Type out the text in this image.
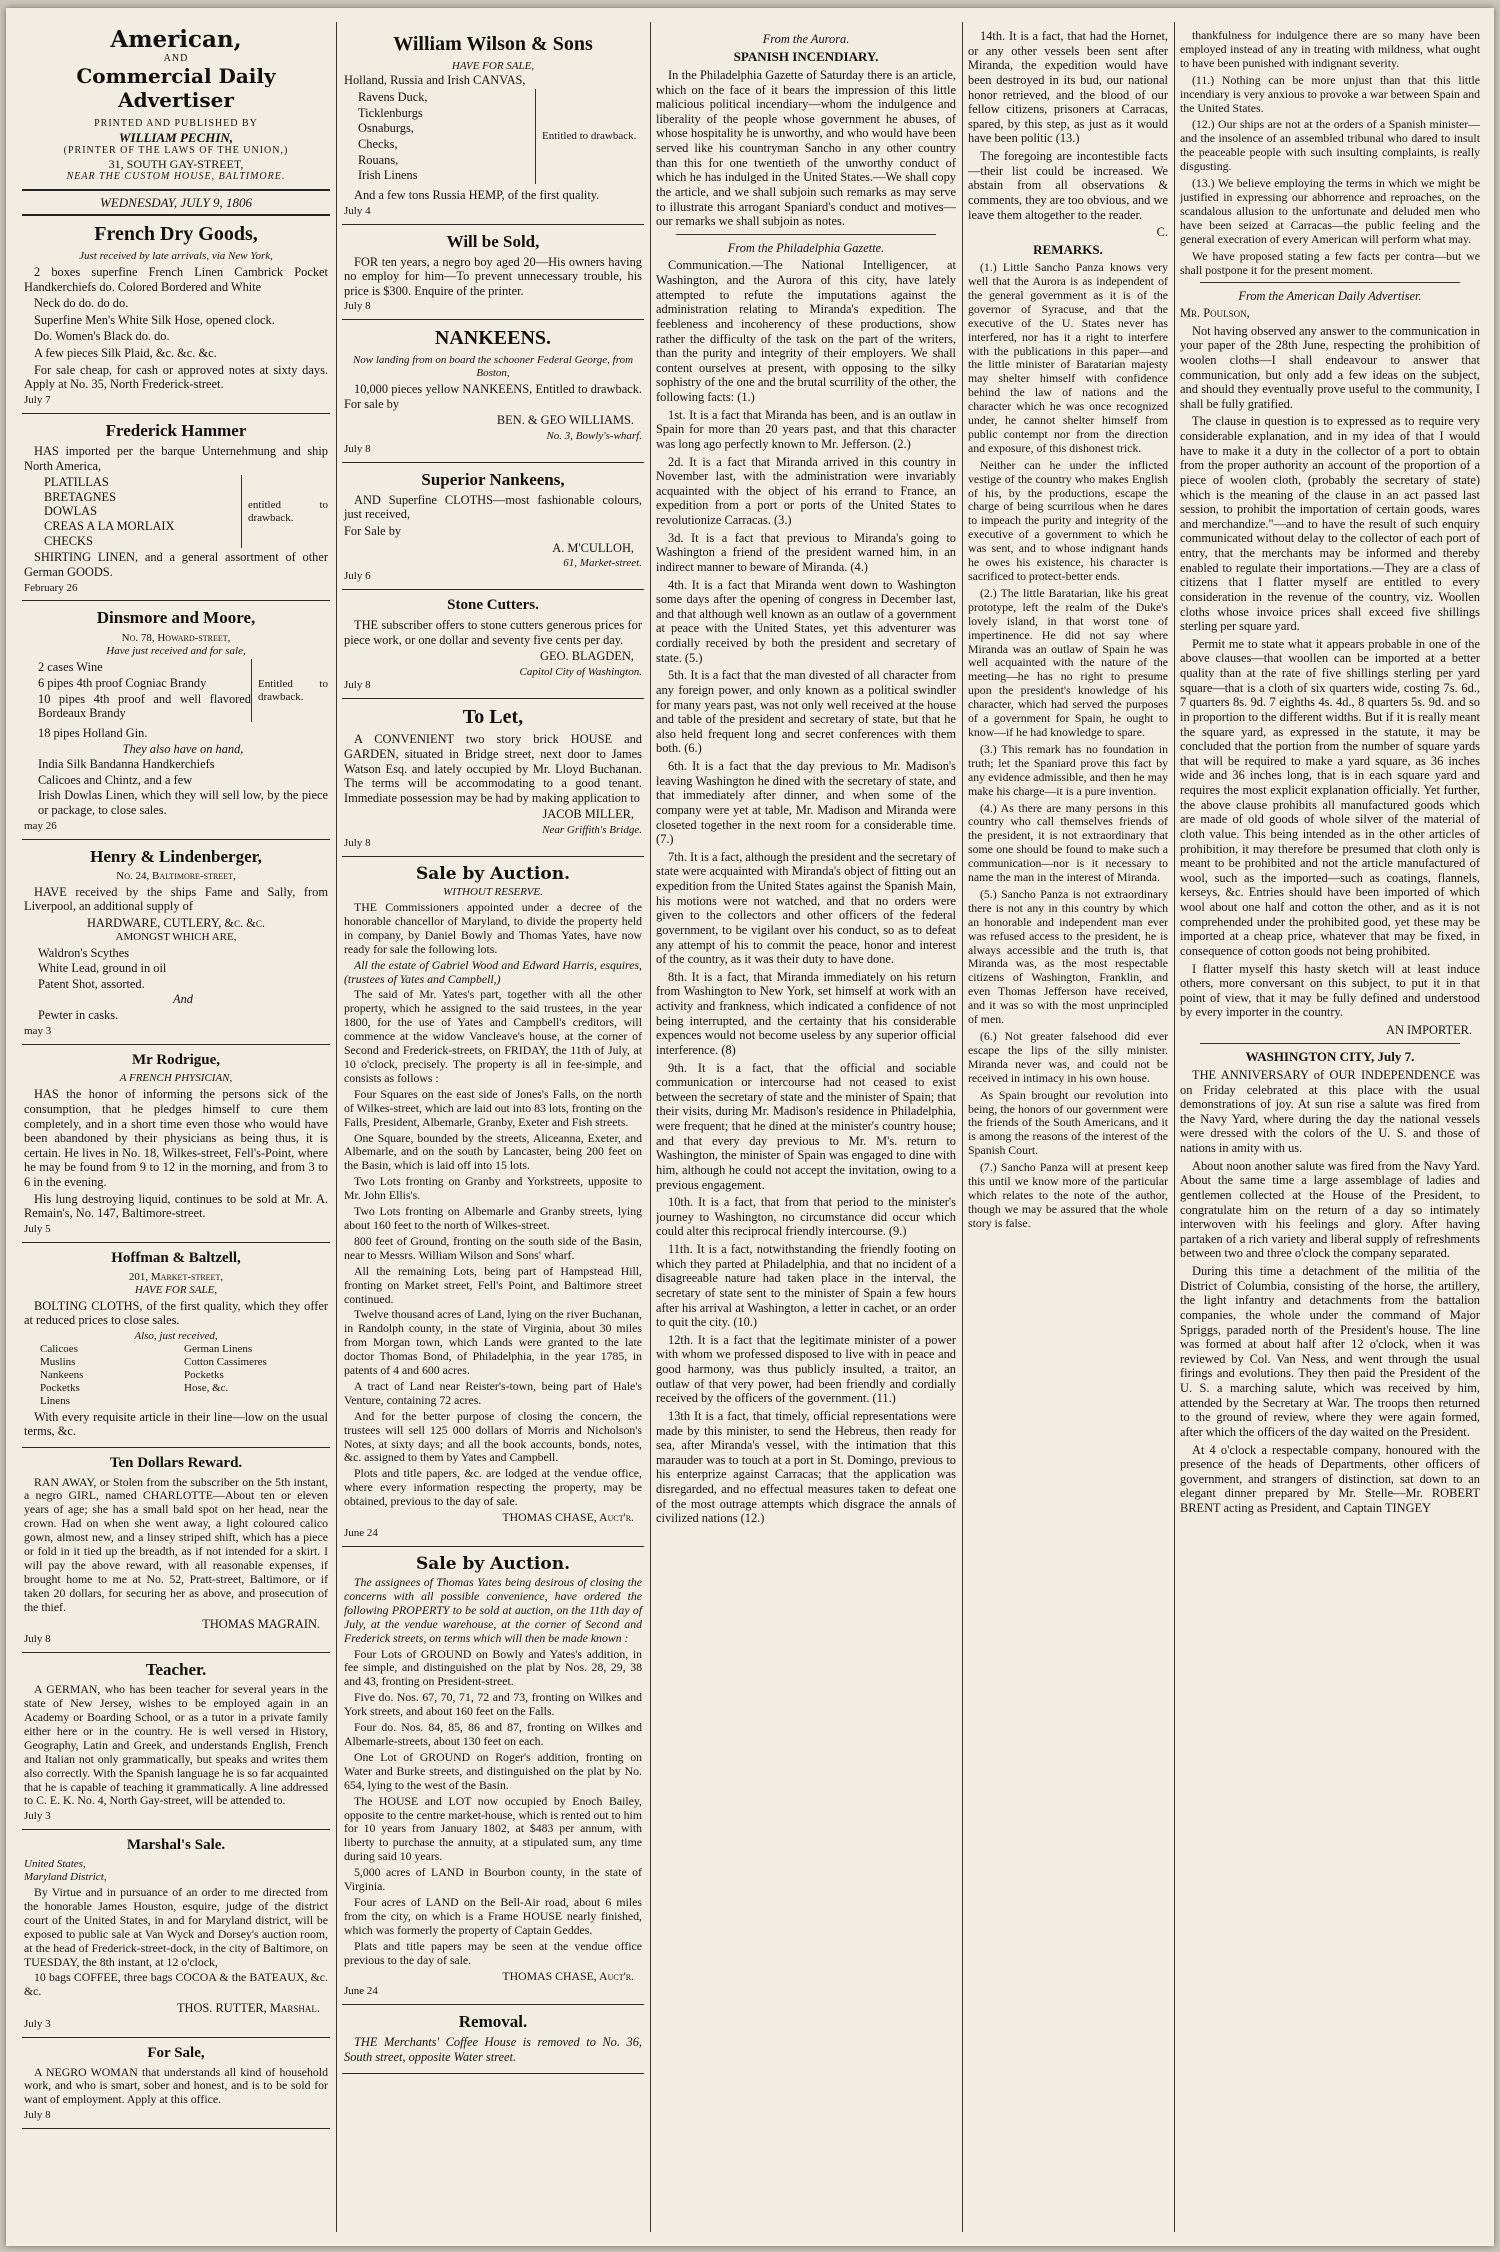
American,
AND
Commercial Daily Advertiser
PRINTED AND PUBLISHED BY
WILLIAM PECHIN,
(PRINTER OF THE LAWS OF THE UNION,)
31, SOUTH GAY-STREET,
NEAR THE CUSTOM HOUSE, BALTIMORE.
WEDNESDAY, JULY 9, 1806
French Dry Goods,
Just received by late arrivals, via New York,

2 boxes superfine French Linen Cambrick Pocket Handkerchiefs do. Colored Bordered and White

Neck do do. do do.

Superfine Men's White Silk Hose, opened clock.

Do. Women's Black do. do.

A few pieces Silk Plaid, &c. &c. &c.

For sale cheap, for cash or approved notes at sixty days. Apply at No. 35, North Frederick-street.

July 7
Frederick Hammer

HAS imported per the barque Unternehmung and ship North America,

PLATILLAS
BRETAGNES
DOWLAS
CREAS A LA MORLAIX
CHECKS
entitled to drawback.

SHIRTING LINEN, and a general assortment of other German GOODS.

February 26
Dinsmore and Moore,
No. 78, Howard-street,
Have just received and for sale,
2 cases Wine
6 pipes 4th proof Cogniac Brandy
10 pipes 4th proof and well flavored Bordeaux Brandy
Entitled to drawback.
18 pipes Holland Gin.
They also have on hand,
India Silk Bandanna Handkerchiefs
Calicoes and Chintz, and a few
Irish Dowlas Linen, which they will sell low, by the piece or package, to close sales.
may 26
Henry & Lindenberger,
No. 24, Baltimore-street,

HAVE received by the ships Fame and Sally, from Liverpool, an additional supply of

HARDWARE, CUTLERY, &c. &c.
AMONGST WHICH ARE,
Waldron's Scythes
White Lead, ground in oil
Patent Shot, assorted.
And
Pewter in casks.
may 3
Mr Rodrigue,
A FRENCH PHYSICIAN,

HAS the honor of informing the persons sick of the consumption, that he pledges himself to cure them completely, and in a short time even those who would have been abandoned by their physicians as being thus, it is certain. He lives in No. 18, Wilkes-street, Fell's-Point, where he may be found from 9 to 12 in the morning, and from 3 to 6 in the evening.

His lung destroying liquid, continues to be sold at Mr. A. Remain's, No. 147, Baltimore-street.

July 5
Hoffman & Baltzell,
201, Market-street,
HAVE FOR SALE,

BOLTING CLOTHS, of the first quality, which they offer at reduced prices to close sales.

Also, just received,
Calicoes
Muslins
Nankeens
Pocketks
Linens
German Linens
Cotton Cassimeres
Pocketks
Hose, &c.

With every requisite article in their line—low on the usual terms, &c.

Ten Dollars Reward.

RAN AWAY, or Stolen from the subscriber on the 5th instant, a negro GIRL, named CHARLOTTE—About ten or eleven years of age; she has a small bald spot on her head, near the crown. Had on when she went away, a light coloured calico gown, almost new, and a linsey striped shift, which has a piece or fold in it tied up the breadth, as if not intended for a skirt. I will pay the above reward, with all reasonable expenses, if brought home to me at No. 52, Pratt-street, Baltimore, or if taken 20 dollars, for securing her as above, and prosecution of the thief.

THOMAS MAGRAIN.
July 8
Teacher.

A GERMAN, who has been teacher for several years in the state of New Jersey, wishes to be employed again in an Academy or Boarding School, or as a tutor in a private family either here or in the country. He is well versed in History, Geography, Latin and Greek, and understands English, French and Italian not only grammatically, but speaks and writes them also correctly. With the Spanish language he is so far acquainted that he is capable of teaching it grammatically. A line addressed to C. E. K. No. 4, North Gay-street, will be attended to.

July 3
Marshal's Sale.
United States,
Maryland District,

By Virtue and in pursuance of an order to me directed from the honorable James Houston, esquire, judge of the district court of the United States, in and for Maryland district, will be exposed to public sale at Van Wyck and Dorsey's auction room, at the head of Frederick-street-dock, in the city of Baltimore, on TUESDAY, the 8th instant, at 12 o'clock,

10 bags COFFEE, three bags COCOA & the BATEAUX, &c. &c.

THOS. RUTTER, Marshal.
July 3
For Sale,

A NEGRO WOMAN that understands all kind of household work, and who is smart, sober and honest, and is to be sold for want of employment. Apply at this office.

July 8
William Wilson & Sons
HAVE FOR SALE,
Holland, Russia and Irish CANVAS,
Ravens Duck,
Ticklenburgs
Osnaburgs,
Checks,
Rouans,
Irish Linens
Entitled to drawback.

And a few tons Russia HEMP, of the first quality.

July 4
Will be Sold,

FOR ten years, a negro boy aged 20—His owners having no employ for him—To prevent unnecessary trouble, his price is $300. Enquire of the printer.

July 8
NANKEENS.
Now landing from on board the schooner Federal George, from Boston,

10,000 pieces yellow NANKEENS, Entitled to drawback. For sale by

BEN. & GEO WILLIAMS.
No. 3, Bowly's-wharf.
July 8
Superior Nankeens,

AND Superfine CLOTHS—most fashionable colours, just received,

For Sale by
A. M'CULLOH,
61, Market-street.
July 6
Stone Cutters.

THE subscriber offers to stone cutters generous prices for piece work, or one dollar and seventy five cents per day.

GEO. BLAGDEN,
Capitol City of Washington.
July 8
To Let,

A CONVENIENT two story brick HOUSE and GARDEN, situated in Bridge street, next door to James Watson Esq. and lately occupied by Mr. Lloyd Buchanan. The terms will be accommodating to a good tenant. Immediate possession may be had by making application to

JACOB MILLER,
Near Griffith's Bridge.
July 8
Sale by Auction.
WITHOUT RESERVE.

THE Commissioners appointed under a decree of the honorable chancellor of Maryland, to divide the property held in company, by Daniel Bowly and Thomas Yates, have now ready for sale the following lots.

All the estate of Gabriel Wood and Edward Harris, esquires, (trustees of Yates and Campbell,)

The said of Mr. Yates's part, together with all the other property, which he assigned to the said trustees, in the year 1800, for the use of Yates and Campbell's creditors, will commence at the widow Vancleave's house, at the corner of Second and Frederick-streets, on FRIDAY, the 11th of July, at 10 o'clock, precisely. The property is all in fee-simple, and consists as follows :

Four Squares on the east side of Jones's Falls, on the north of Wilkes-street, which are laid out into 83 lots, fronting on the Falls, President, Albemarle, Granby, Exeter and Fish streets.

One Square, bounded by the streets, Aliceanna, Exeter, and Albemarle, and on the south by Lancaster, being 200 feet on the Basin, which is laid off into 15 lots.

Two Lots fronting on Granby and Yorkstreets, upposite to Mr. John Ellis's.

Two Lots fronting on Albemarle and Granby streets, lying about 160 feet to the north of Wilkes-street.

800 feet of Ground, fronting on the south side of the Basin, near to Messrs. William Wilson and Sons' wharf.

All the remaining Lots, being part of Hampstead Hill, fronting on Market street, Fell's Point, and Baltimore street continued.

Twelve thousand acres of Land, lying on the river Buchanan, in Randolph county, in the state of Virginia, about 30 miles from Morgan town, which Lands were granted to the late doctor Thomas Bond, of Philadelphia, in the year 1785, in patents of 4 and 600 acres.

A tract of Land near Reister's-town, being part of Hale's Venture, containing 72 acres.

And for the better purpose of closing the concern, the trustees will sell 125 000 dollars of Morris and Nicholson's Notes, at sixty days; and all the book accounts, bonds, notes, &c. assigned to them by Yates and Campbell.

Plots and title papers, &c. are lodged at the vendue office, where every information respecting the property, may be obtained, previous to the day of sale.

THOMAS CHASE, Auct'r.
June 24
Sale by Auction.

The assignees of Thomas Yates being desirous of closing the concerns with all possible convenience, have ordered the following PROPERTY to be sold at auction, on the 11th day of July, at the vendue warehouse, at the corner of Second and Frederick streets, on terms which will then be made known :

Four Lots of GROUND on Bowly and Yates's addition, in fee simple, and distinguished on the plat by Nos. 28, 29, 38 and 43, fronting on President-street.

Five do. Nos. 67, 70, 71, 72 and 73, fronting on Wilkes and York streets, and about 160 feet on the Falls.

Four do. Nos. 84, 85, 86 and 87, fronting on Wilkes and Albemarle-streets, about 130 feet on each.

One Lot of GROUND on Roger's addition, fronting on Water and Burke streets, and distinguished on the plat by No. 654, lying to the west of the Basin.

The HOUSE and LOT now occupied by Enoch Bailey, opposite to the centre market-house, which is rented out to him for 10 years from January 1802, at $483 per annum, with liberty to purchase the annuity, at a stipulated sum, any time during said 10 years.

5,000 acres of LAND in Bourbon county, in the state of Virginia.

Four acres of LAND on the Bell-Air road, about 6 miles from the city, on which is a Frame HOUSE nearly finished, which was formerly the property of Captain Geddes.

Plats and title papers may be seen at the vendue office previous to the day of sale.

THOMAS CHASE, Auct'r.
June 24
Removal.

THE Merchants' Coffee House is removed to No. 36, South street, opposite Water street.

From the Aurora.
SPANISH INCENDIARY.

In the Philadelphia Gazette of Saturday there is an article, which on the face of it bears the impression of this little malicious political incendiary—whom the indulgence and liberality of the people whose government he abuses, of whose hospitality he is unworthy, and who would have been served like his countryman Sancho in any other country than this for one twentieth of the unworthy conduct of which he has indulged in the United States.—We shall copy the article, and we shall subjoin such remarks as may serve to illustrate this arrogant Spaniard's conduct and motives—our remarks we shall subjoin as notes.

From the Philadelphia Gazette.

Communication.—The National Intelligencer, at Washington, and the Aurora of this city, have lately attempted to refute the imputations against the administration relating to Miranda's expedition. The feebleness and incoherency of these productions, show rather the difficulty of the task on the part of the writers, than the purity and integrity of their employers. We shall content ourselves at present, with opposing to the silky sophistry of the one and the brutal scurrility of the other, the following facts: (1.)

1st. It is a fact that Miranda has been, and is an outlaw in Spain for more than 20 years past, and that this character was long ago perfectly known to Mr. Jefferson. (2.)

2d. It is a fact that Miranda arrived in this country in November last, with the administration were invariably acquainted with the object of his errand to France, an expedition from a port or ports of the United States to revolutionize Carracas. (3.)

3d. It is a fact that previous to Miranda's going to Washington a friend of the president warned him, in an indirect manner to beware of Miranda. (4.)

4th. It is a fact that Miranda went down to Washington some days after the opening of congress in December last, and that although well known as an outlaw of a government at peace with the United States, yet this adventurer was cordially received by both the president and secretary of state. (5.)

5th. It is a fact that the man divested of all character from any foreign power, and only known as a political swindler for many years past, was not only well received at the house and table of the president and secretary of state, but that he also held frequent long and secret conferences with them both. (6.)

6th. It is a fact that the day previous to Mr. Madison's leaving Washington he dined with the secretary of state, and that immediately after dinner, and when some of the company were yet at table, Mr. Madison and Miranda were closeted together in the next room for a considerable time. (7.)

7th. It is a fact, although the president and the secretary of state were acquainted with Miranda's object of fitting out an expedition from the United States against the Spanish Main, his motions were not watched, and that no orders were given to the collectors and other officers of the federal government, to be vigilant over his conduct, so as to defeat any attempt of his to commit the peace, honor and interest of the country, as it was their duty to have done.

8th. It is a fact, that Miranda immediately on his return from Washington to New York, set himself at work with an activity and frankness, which indicated a confidence of not being interrupted, and the certainty that his considerable expences would not become useless by any superior official interference. (8)

9th. It is a fact, that the official and sociable communication or intercourse had not ceased to exist between the secretary of state and the minister of Spain; that their visits, during Mr. Madison's residence in Philadelphia, were frequent; that he dined at the minister's country house; and that every day previous to Mr. M's. return to Washington, the minister of Spain was engaged to dine with him, although he could not accept the invitation, owing to a previous engagement.

10th. It is a fact, that from that period to the minister's journey to Washington, no circumstance did occur which could alter this reciprocal friendly intercourse. (9.)

11th. It is a fact, notwithstanding the friendly footing on which they parted at Philadelphia, and that no incident of a disagreeable nature had taken place in the interval, the secretary of state sent to the minister of Spain a few hours after his arrival at Washington, a letter in cachet, or an order to quit the city. (10.)

12th. It is a fact that the legitimate minister of a power with whom we professed disposed to live with in peace and good harmony, was thus publicly insulted, a traitor, an outlaw of that very power, had been friendly and cordially received by the officers of the government. (11.)

13th It is a fact, that timely, official representations were made by this minister, to send the Hebreus, then ready for sea, after Miranda's vessel, with the intimation that this marauder was to touch at a port in St. Domingo, previous to his enterprize against Carracas; that the application was disregarded, and no effectual measures taken to defeat one of the most outrage attempts which disgrace the annals of civilized nations (12.)

14th. It is a fact, that had the Hornet, or any other vessels been sent after Miranda, the expedition would have been destroyed in its bud, our national honor retrieved, and the blood of our fellow citizens, prisoners at Carracas, spared, by this step, as just as it would have been politic (13.)

The foregoing are incontestible facts—their list could be increased. We abstain from all observations & comments, they are too obvious, and we leave them altogether to the reader.

C.
REMARKS.

(1.) Little Sancho Panza knows very well that the Aurora is as independent of the general government as it is of the governor of Syracuse, and that the executive of the U. States never has interfered, nor has it a right to interfere with the publications in this paper—and the little minister of Baratarian majesty may shelter himself with confidence behind the law of nations and the character which he was once recognized under, he cannot shelter himself from public contempt nor from the direction and exposure, of this dishonest trick.

Neither can he under the inflicted vestige of the country who makes English of his, by the productions, escape the charge of being scurrilous when he dares to impeach the purity and integrity of the executive of a government to which he was sent, and to whose indignant hands he owes his existence, his character is sacrificed to protect-better ends.

(2.) The little Baratarian, like his great prototype, left the realm of the Duke's lovely island, in that worst tone of impertinence. He did not say where Miranda was an outlaw of Spain he was well acquainted with the nature of the meeting—he has no right to presume upon the president's knowledge of his character, which had served the purposes of a government for Spain, he ought to know—if he had knowledge to spare.

(3.) This remark has no foundation in truth; let the Spaniard prove this fact by any evidence admissible, and then he may make his charge—it is a pure invention.

(4.) As there are many persons in this country who call themselves friends of the president, it is not extraordinary that some one should be found to make such a communication—nor is it necessary to name the man in the interest of Miranda.

(5.) Sancho Panza is not extraordinary there is not any in this country by which an honorable and independent man ever was refused access to the president, he is always accessible and the truth is, that Miranda was, as the most respectable citizens of Washington, Franklin, and even Thomas Jefferson have received, and it was so with the most unprincipled of men.

(6.) Not greater falsehood did ever escape the lips of the silly minister. Miranda never was, and could not be received in intimacy in his own house.

As Spain brought our revolution into being, the honors of our government were the friends of the South Americans, and it is among the reasons of the interest of the Spanish Court.

(7.) Sancho Panza will at present keep this until we know more of the particular which relates to the note of the author, though we may be assured that the whole story is false.

thankfulness for indulgence there are so many have been employed instead of any in treating with mildness, what ought to have been punished with indignant severity.

(11.) Nothing can be more unjust than that this little incendiary is very anxious to provoke a war between Spain and the United States.

(12.) Our ships are not at the orders of a Spanish minister—and the insolence of an assembled tribunal who dared to insult the peaceable people with such insulting complaints, is really disgusting.

(13.) We believe employing the terms in which we might be justified in expressing our abhorrence and reproaches, on the scandalous allusion to the unfortunate and deluded men who have been seized at Carracas—the public feeling and the general execration of every American will perform what may.

We have proposed stating a few facts per contra—but we shall postpone it for the present moment.

From the American Daily Advertiser.
Mr. Poulson,

Not having observed any answer to the communication in your paper of the 28th June, respecting the prohibition of woolen cloths—I shall endeavour to answer that communication, but only add a few ideas on the subject, and should they eventually prove useful to the community, I shall be fully gratified.

The clause in question is to expressed as to require very considerable explanation, and in my idea of that I would have to make it a duty in the collector of a port to obtain from the proper authority an account of the proportion of a piece of woolen cloth, (probably the secretary of state) which is the meaning of the clause in an act passed last session, to prohibit the importation of certain goods, wares and merchandize."—and to have the result of such enquiry communicated without delay to the collector of each port of entry, that the merchants may be informed and thereby enabled to regulate their importations.—They are a class of citizens that I flatter myself are entitled to every consideration in the revenue of the country, viz. Woollen cloths whose invoice prices shall exceed five shillings sterling per square yard.

Permit me to state what it appears probable in one of the above clauses—that woollen can be imported at a better quality than at the rate of five shillings sterling per yard square—that is a cloth of six quarters wide, costing 7s. 6d., 7 quarters 8s. 9d. 7 eighths 4s. 4d., 8 quarters 5s. 9d. and so in proportion to the different widths. But if it is really meant the square yard, as expressed in the statute, it may be concluded that the portion from the number of square yards that will be required to make a yard square, as 36 inches wide and 36 inches long, that is in each square yard and requires the most explicit explanation officially. Yet further, the above clause prohibits all manufactured goods which are made of old goods of whole silver of the material of cloth value. This being intended as in the other articles of prohibition, it may therefore be presumed that cloth only is meant to be prohibited and not the article manufactured of wool, such as the imported—such as coatings, flannels, kerseys, &c. Entries should have been imported of which wool about one half and cotton the other, and as it is not comprehended under the prohibited good, yet these may be imported at a cheap price, whatever that may be fixed, in consequence of cotton goods not being prohibited.

I flatter myself this hasty sketch will at least induce others, more conversant on this subject, to put it in that point of view, that it may be fully defined and understood by every importer in the country.

AN IMPORTER.
WASHINGTON CITY, July 7.

THE ANNIVERSARY of OUR INDEPENDENCE was on Friday celebrated at this place with the usual demonstrations of joy. At sun rise a salute was fired from the Navy Yard, where during the day the national vessels were dressed with the colors of the U. S. and those of nations in amity with us.

About noon another salute was fired from the Navy Yard. About the same time a large assemblage of ladies and gentlemen collected at the House of the President, to congratulate him on the return of a day so intimately interwoven with his feelings and glory. After having partaken of a rich variety and liberal supply of refreshments between two and three o'clock the company separated.

During this time a detachment of the militia of the District of Columbia, consisting of the horse, the artillery, the light infantry and detachments from the battalion companies, the whole under the command of Major Spriggs, paraded north of the President's house. The line was formed at about half after 12 o'clock, when it was reviewed by Col. Van Ness, and went through the usual firings and evolutions. They then paid the President of the U. S. a marching salute, which was received by him, attended by the Secretary at War. The troops then returned to the ground of review, where they were again formed, after which the officers of the day waited on the President.

At 4 o'clock a respectable company, honoured with the presence of the heads of Departments, other officers of government, and strangers of distinction, sat down to an elegant dinner prepared by Mr. Stelle—Mr. ROBERT BRENT acting as President, and Captain TINGEY
